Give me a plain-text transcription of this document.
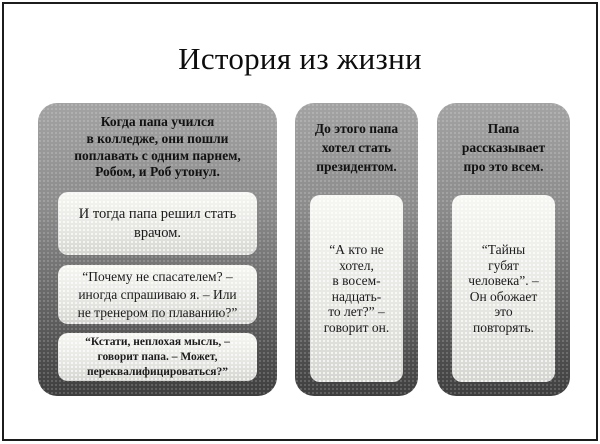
История из жизни
Когда папа учился
в колледже, они пошли
поплавать с одним парнем,
Робом, и Роб утонул.
И тогда папа решил стать
врачом.
“Почему не спасателем? –
иногда спрашиваю я. – Или
не тренером по плаванию?”
“Кстати, неплохая мысль, –
говорит папа. – Может,
переквалифицироваться?”
До этого папа
хотел стать
президентом.
“А кто не
хотел,
в восем-
надцать-
то лет?” –
говорит он.
Папа
рассказывает
про это всем.
“Тайны
губят
человека”. –
Он обожает
это
повторять.
